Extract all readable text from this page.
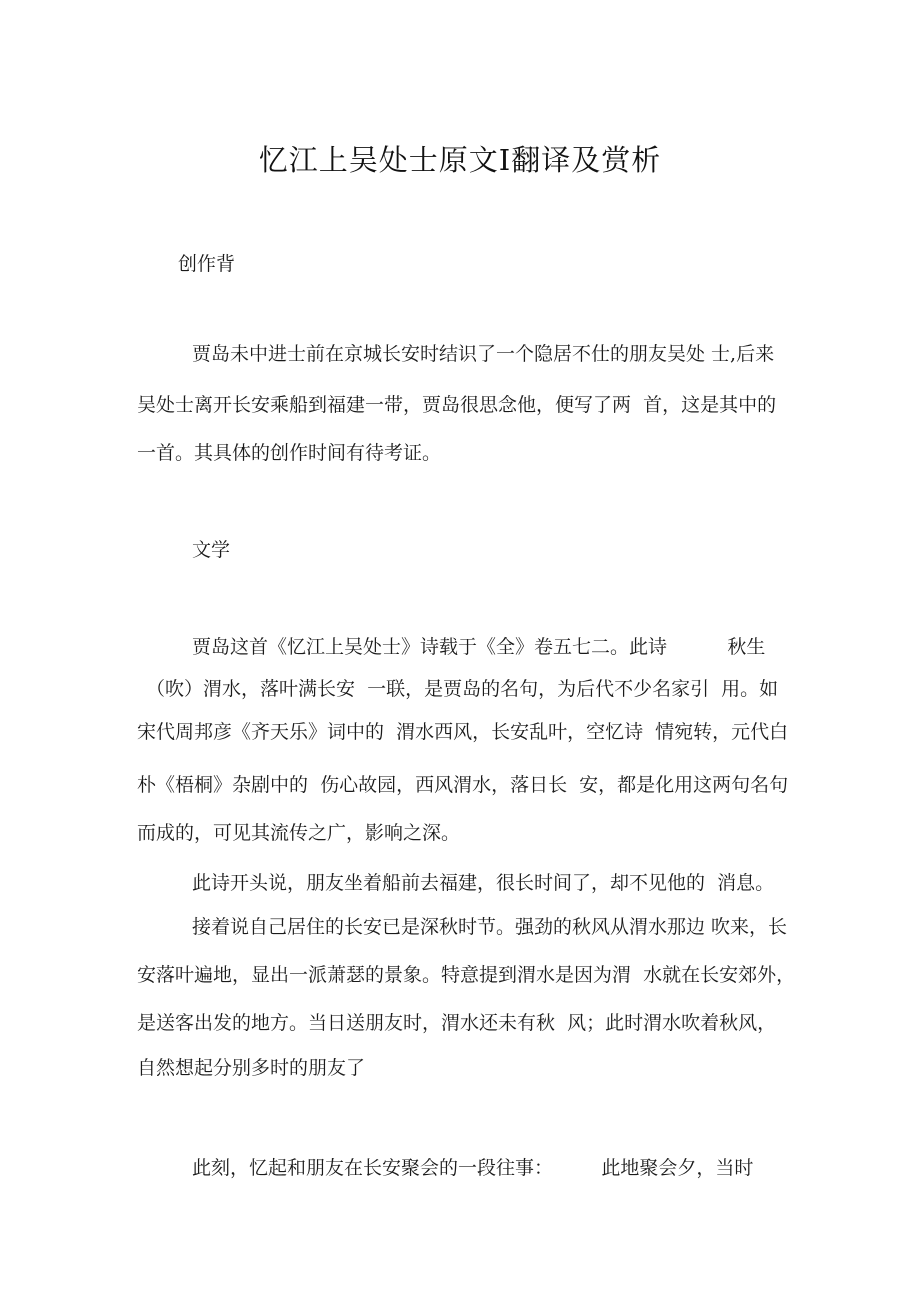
忆江上吴处士原文Ⅰ翻译及赏析
创作背
贾岛未中进士前在京城长安时结识了一个隐居不仕的朋友吴处 士,后来
吴处士离开长安乘船到福建一带，贾岛很思念他，便写了两  首，这是其中的
一首。其具体的创作时间有待考证。
文学
贾岛这首《忆江上吴处士》诗载于《全》卷五七二。此诗          秋生
（吹）渭水，落叶满长安  一联，是贾岛的名句，为后代不少名家引  用。如
宋代周邦彦《齐天乐》词中的  渭水西风，长安乱叶，空忆诗  情宛转，元代白
朴《梧桐》杂剧中的  伤心故园，西风渭水，落日长  安，都是化用这两句名句
而成的，可见其流传之广，影响之深。
此诗开头说，朋友坐着船前去福建，很长时间了，却不见他的  消息。
接着说自己居住的长安已是深秋时节。强劲的秋风从渭水那边 吹来，长
安落叶遍地，显出一派萧瑟的景象。特意提到渭水是因为渭  水就在长安郊外，
是送客出发的地方。当日送朋友时，渭水还未有秋  风；此时渭水吹着秋风，
自然想起分别多时的朋友了
此刻，忆起和朋友在长安聚会的一段往事：        此地聚会夕，当时
